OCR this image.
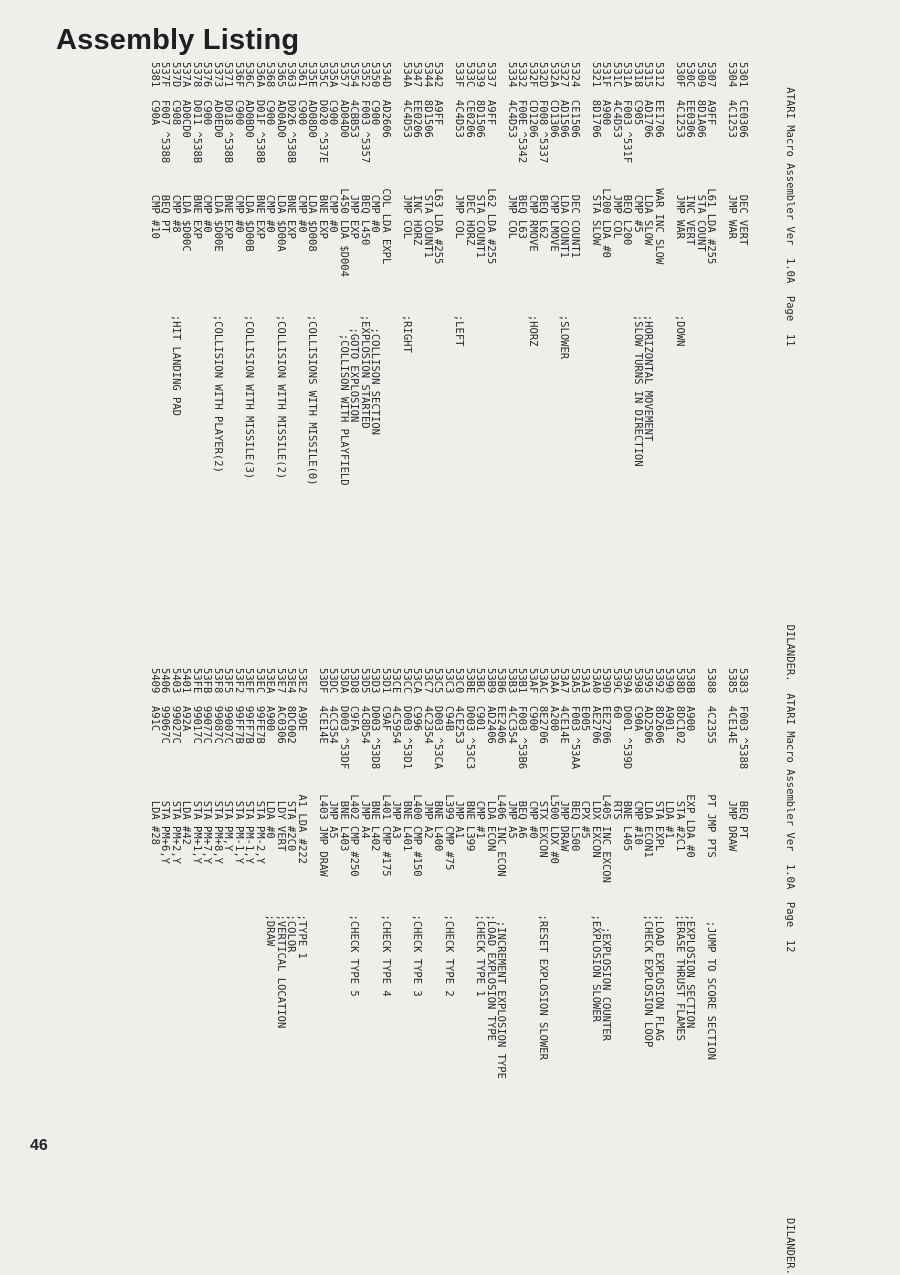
Assembly Listing

ATARI Macro Assembler Ver  1.0A  Page  11                                            DILANDER.

5301  CE0306         DEC VERT
5304  4C1253         JMP WAR
5307  A9FF          L61 LDA #255
5309  8D1A06         STA COUNT
530C  EE0306         INC VERT
530F  4C1253         JMP WAR            ;DOWN
5312  EE1706        WAR INC SLOW
5315  AD1706         LDA SLOW           ;HORIZONTAL MOVEMENT
5318  C905           CMP #5             ;SLOW TURNS IN DIRECTION
531A  F003 ^531F     BEQ L200
531C  4C4D53         JMP COL
531F  A900          L200 LDA #0
5321  8D1706         STA SLOW
5324  CE1506         DEC COUNT1
5327  AD1506         LDA COUNT1         ;SLOWER
532A  CD1306         CMP LMOVE
532D  F008 ^5337     BEQ L62
532F  CD1206         CMP RMOVE          ;HORZ
5332  F00E ^5342     BEQ L63
5334  4C4D53         JMP COL
5337  A9FF          L62 LDA #255
5339  8D1506         STA COUNT1
533C  CE0206         DEC HORZ
533F  4C4D53         JMP COL            ;LEFT
5342  A9FF          L63 LDA #255
5344  8D1506         STA COUNT1
5347  EE0206         INC HORZ
534A  4C4D53         JMP COL            ;RIGHT
534D  AD2606        COL LDA EXPL
5350  C900           CMP #0               ;COLLISON SECTION
5352  F003 ^5357     BEQ L450           ;EXPLOSION STARTED
5354  4CBB53         JMP EXP              ;GOTO EXPLOSION
5357  AD04D0        L450 LDA $D004         ;COLLISON WITH PLAYFIELD
535A  C900           CMP #0
535C  D020 ^537E     BNE EXP
535E  AD08D0         LDA $D008          ;COLLISIONS WITH MISSILE(0)
5361  C900           CMP #0
5363  D026 ^538B     BNE EXP
5365  AD0AD0         LDA $D00A          ;COLLISION WITH MISSILE(2)
5368  C900           CMP #0
536A  D01F ^538B     BNE EXP
536C  AD0BD0         LDA $D00B          ;COLLISION WITH MISSILE(3)
536F  C900           CMP #0
5371  D018 ^538B     BNE EXP
5373  AD0ED0         LDA $D00E          ;COLLISION WITH PLAYER(2)
5376  C900           CMP #0
5378  D011 ^538B     BNE EXP
537A  AD0CD0         LDA $D00C
537D  C908           CMP #8             ;HIT LANDING PAD
537F  F007 ^5388     BEQ PT
5381  C90A           CMP #10

ATARI Macro Assembler Ver  1.0A  Page  12                                          DILANDER.

5383  F003 ^5388     BEQ PT
5385  4CE14E         JMP DRAW
5388  4C2355        PT JMP PTS          ;JUMP TO SCORE SECTION
538B  A900          EXP LDA #0         ;EXPLOSION SECTION
538D  8DC102         STA #2C1          ;ERASE THRUST FLAMES
5390  A901           LDA #1
5392  8D2606         STA EXPL          ;LOAD EXPLOSION FLAG
5395  AD2506         LDA ECON1         ;CHECK EXPLOSION LOOP
5398  C90A           CMP #10
539A  D001 ^539D     BNE L405
539C  60             RTS
539D  EE2706        L405 INC EXCON       ;EXPLOSION COUNTER
53A0  AE2706         LDX EXCON         ;EXPLOSION SLOWER
53A3  E005           CPX #5
53A5  F003 ^53AA     BEQ L500
53A7  4CE14E         JMP DRAW
53AA  A200          L500 LDX #0
53AC  8E2706         STX EXCON         ;RESET EXPLOSION SLOWER
53AF  C900           CMP #0
53B1  F003 ^53B6     BEQ A6
53B3  4CC354         JMP A5
53B6  EE2406        L406 INC ECON       ;INCREMENT EXPLOSION TYPE
53B9  AD2406         LDA ECON          ;LOAD EXPLOSION TYPE
53BC  C901           CMP #1            ;CHECK TYPE 1
53BE  D003 ^53C3     BNE L399
53C0  4CE253         JMP A1
53C3  C94B          L399 CMP #75       ;CHECK TYPE 2
53C5  D003 ^53CA     BNE L400
53C7  4C2354         JMP A2
53CA  C996          L400 CMP #150      ;CHECK TYPE 3
53CC  D003 ^53D1     BNE L401
53CE  4C5954         JMP A3
53D1  C9AF          L401 CMP #175      ;CHECK TYPE 4
53D3  D003 ^53D8     BNE L402
53D5  4C8D54         JMP A4
53D8  C9FA          L402 CMP #250      ;CHECK TYPE 5
53DA  D003 ^53DF     BNE L403
53DC  4CC354         JMP A5
53DF  4CE14E        L403 JMP DRAW
53E2  A9DE          A1 LDA #222        ;TYPE 1
53E4  8DC002         STA #2C0          ;COLOR
53E7  AC0306         LDY VERT          ;VERTICAL LOCATION
53EA  A900           LDA #0            ;DRAW
53EC  99FE7B         STA PM-2,Y
53EF  99FF7B         STA PM-1,Y
53F2  99FF7B         STA PM-1,Y
53F5  99007C         STA PM,Y
53F8  99087C         STA PM+8,Y
53FB  99077C         STA PM+7,Y
53FE  99017C         STA PM+1,Y
5401  A92A           LDA #42
5403  99027C         STA PM+2,Y
5406  99067C         STA PM+6,Y
5409  A91C           LDA #28

46
